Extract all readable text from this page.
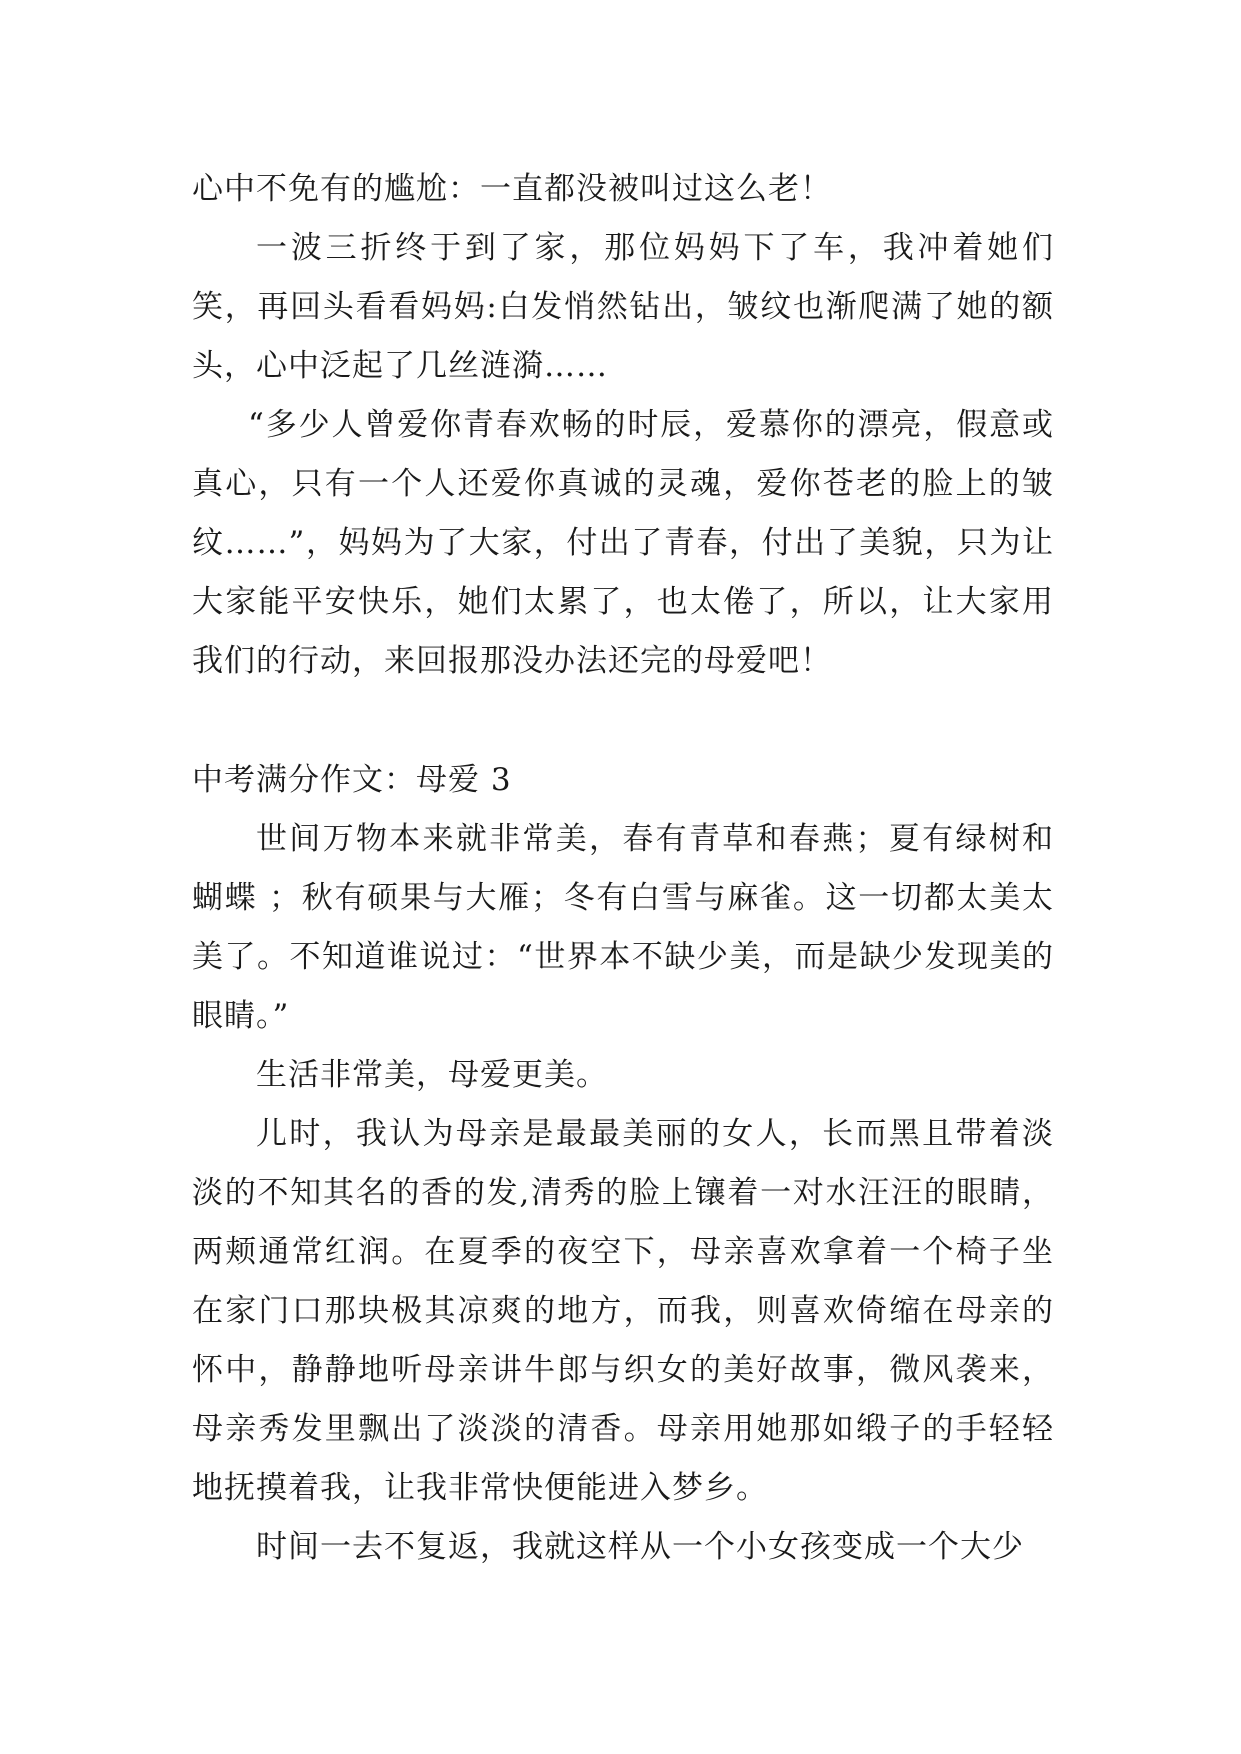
心中不免有的尴尬：一直都没被叫过这么老！

一波三折终于到了家，那位妈妈下了车，我冲着她们笑，再回头看看妈妈:白发悄然钻出，皱纹也渐爬满了她的额头，心中泛起了几丝涟漪……

“多少人曾爱你青春欢畅的时辰，爱慕你的漂亮，假意或真心，只有一个人还爱你真诚的灵魂，爱你苍老的脸上的皱纹……”，妈妈为了大家，付出了青春，付出了美貌，只为让大家能平安快乐，她们太累了，也太倦了，所以，让大家用我们的行动，来回报那没办法还完的母爱吧！

中考满分作文：母爱 3

世间万物本来就非常美，春有青草和春燕；夏有绿树和蝴蝶 ；秋有硕果与大雁；冬有白雪与麻雀。这一切都太美太美了。不知道谁说过：“世界本不缺少美，而是缺少发现美的眼睛。”

生活非常美，母爱更美。

儿时，我认为母亲是最最美丽的女人，长而黑且带着淡淡的不知其名的香的发,清秀的脸上镶着一对水汪汪的眼睛，两颊通常红润。在夏季的夜空下，母亲喜欢拿着一个椅子坐在家门口那块极其凉爽的地方，而我，则喜欢倚缩在母亲的怀中，静静地听母亲讲牛郎与织女的美好故事，微风袭来，母亲秀发里飘出了淡淡的清香。母亲用她那如缎子的手轻轻地抚摸着我，让我非常快便能进入梦乡。

时间一去不复返，我就这样从一个小女孩变成一个大少
